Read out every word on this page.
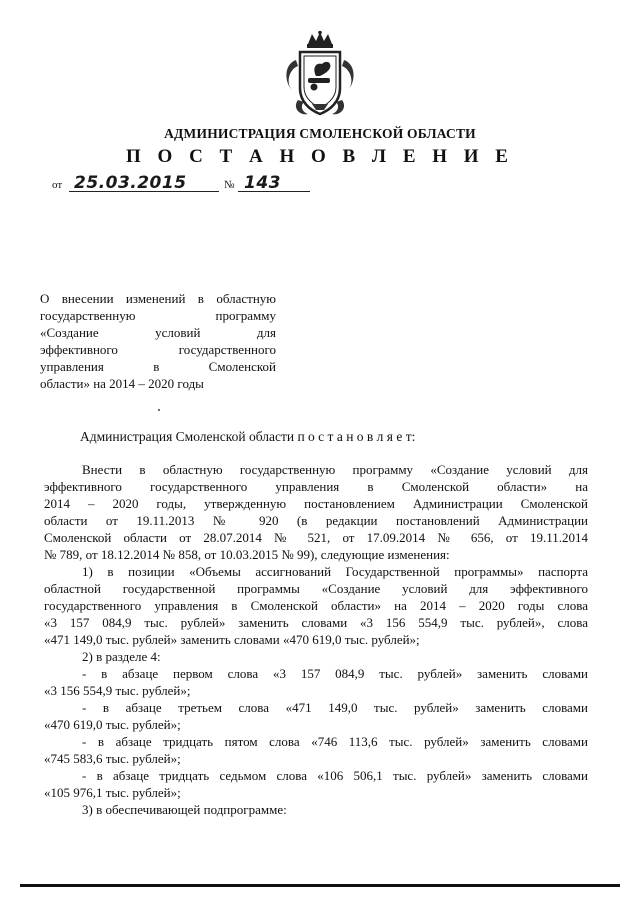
АДМИНИСТРАЦИЯ СМОЛЕНСКОЙ ОБЛАСТИ
П О С Т А Н О В Л Е Н И Е
от 25.03.2015	№ 143
О внесении изменений в областную
государственную программу
«Создание условий для
эффективного государственного
управления в Смоленской
области» на 2014 – 2020 годы
Администрация Смоленской области п о с т а н о в л я е т:
Внести в областную государственную программу «Создание условий для
эффективного государственного управления в Смоленской области» на
2014 – 2020 годы, утвержденную постановлением Администрации Смоленской
области от 19.11.2013 № 920 (в редакции постановлений Администрации
Смоленской области от 28.07.2014 № 521, от 17.09.2014 № 656, от 19.11.2014
№ 789, от 18.12.2014 № 858, от 10.03.2015 № 99), следующие изменения:
1) в позиции «Объемы ассигнований Государственной программы» паспорта
областной государственной программы «Создание условий для эффективного
государственного управления в Смоленской области» на 2014 – 2020 годы слова
«3 157 084,9 тыс. рублей» заменить словами «3 156 554,9 тыс. рублей», слова
«471 149,0 тыс. рублей» заменить словами «470 619,0 тыс. рублей»;
2) в разделе 4:
- в абзаце первом слова «3 157 084,9 тыс. рублей» заменить словами
«3 156 554,9 тыс. рублей»;
- в абзаце третьем слова «471 149,0 тыс. рублей» заменить словами
«470 619,0 тыс. рублей»;
- в абзаце тридцать пятом слова «746 113,6 тыс. рублей» заменить словами
«745 583,6 тыс. рублей»;
- в абзаце тридцать седьмом слова «106 506,1 тыс. рублей» заменить словами
«105 976,1 тыс. рублей»;
3) в обеспечивающей подпрограмме:
